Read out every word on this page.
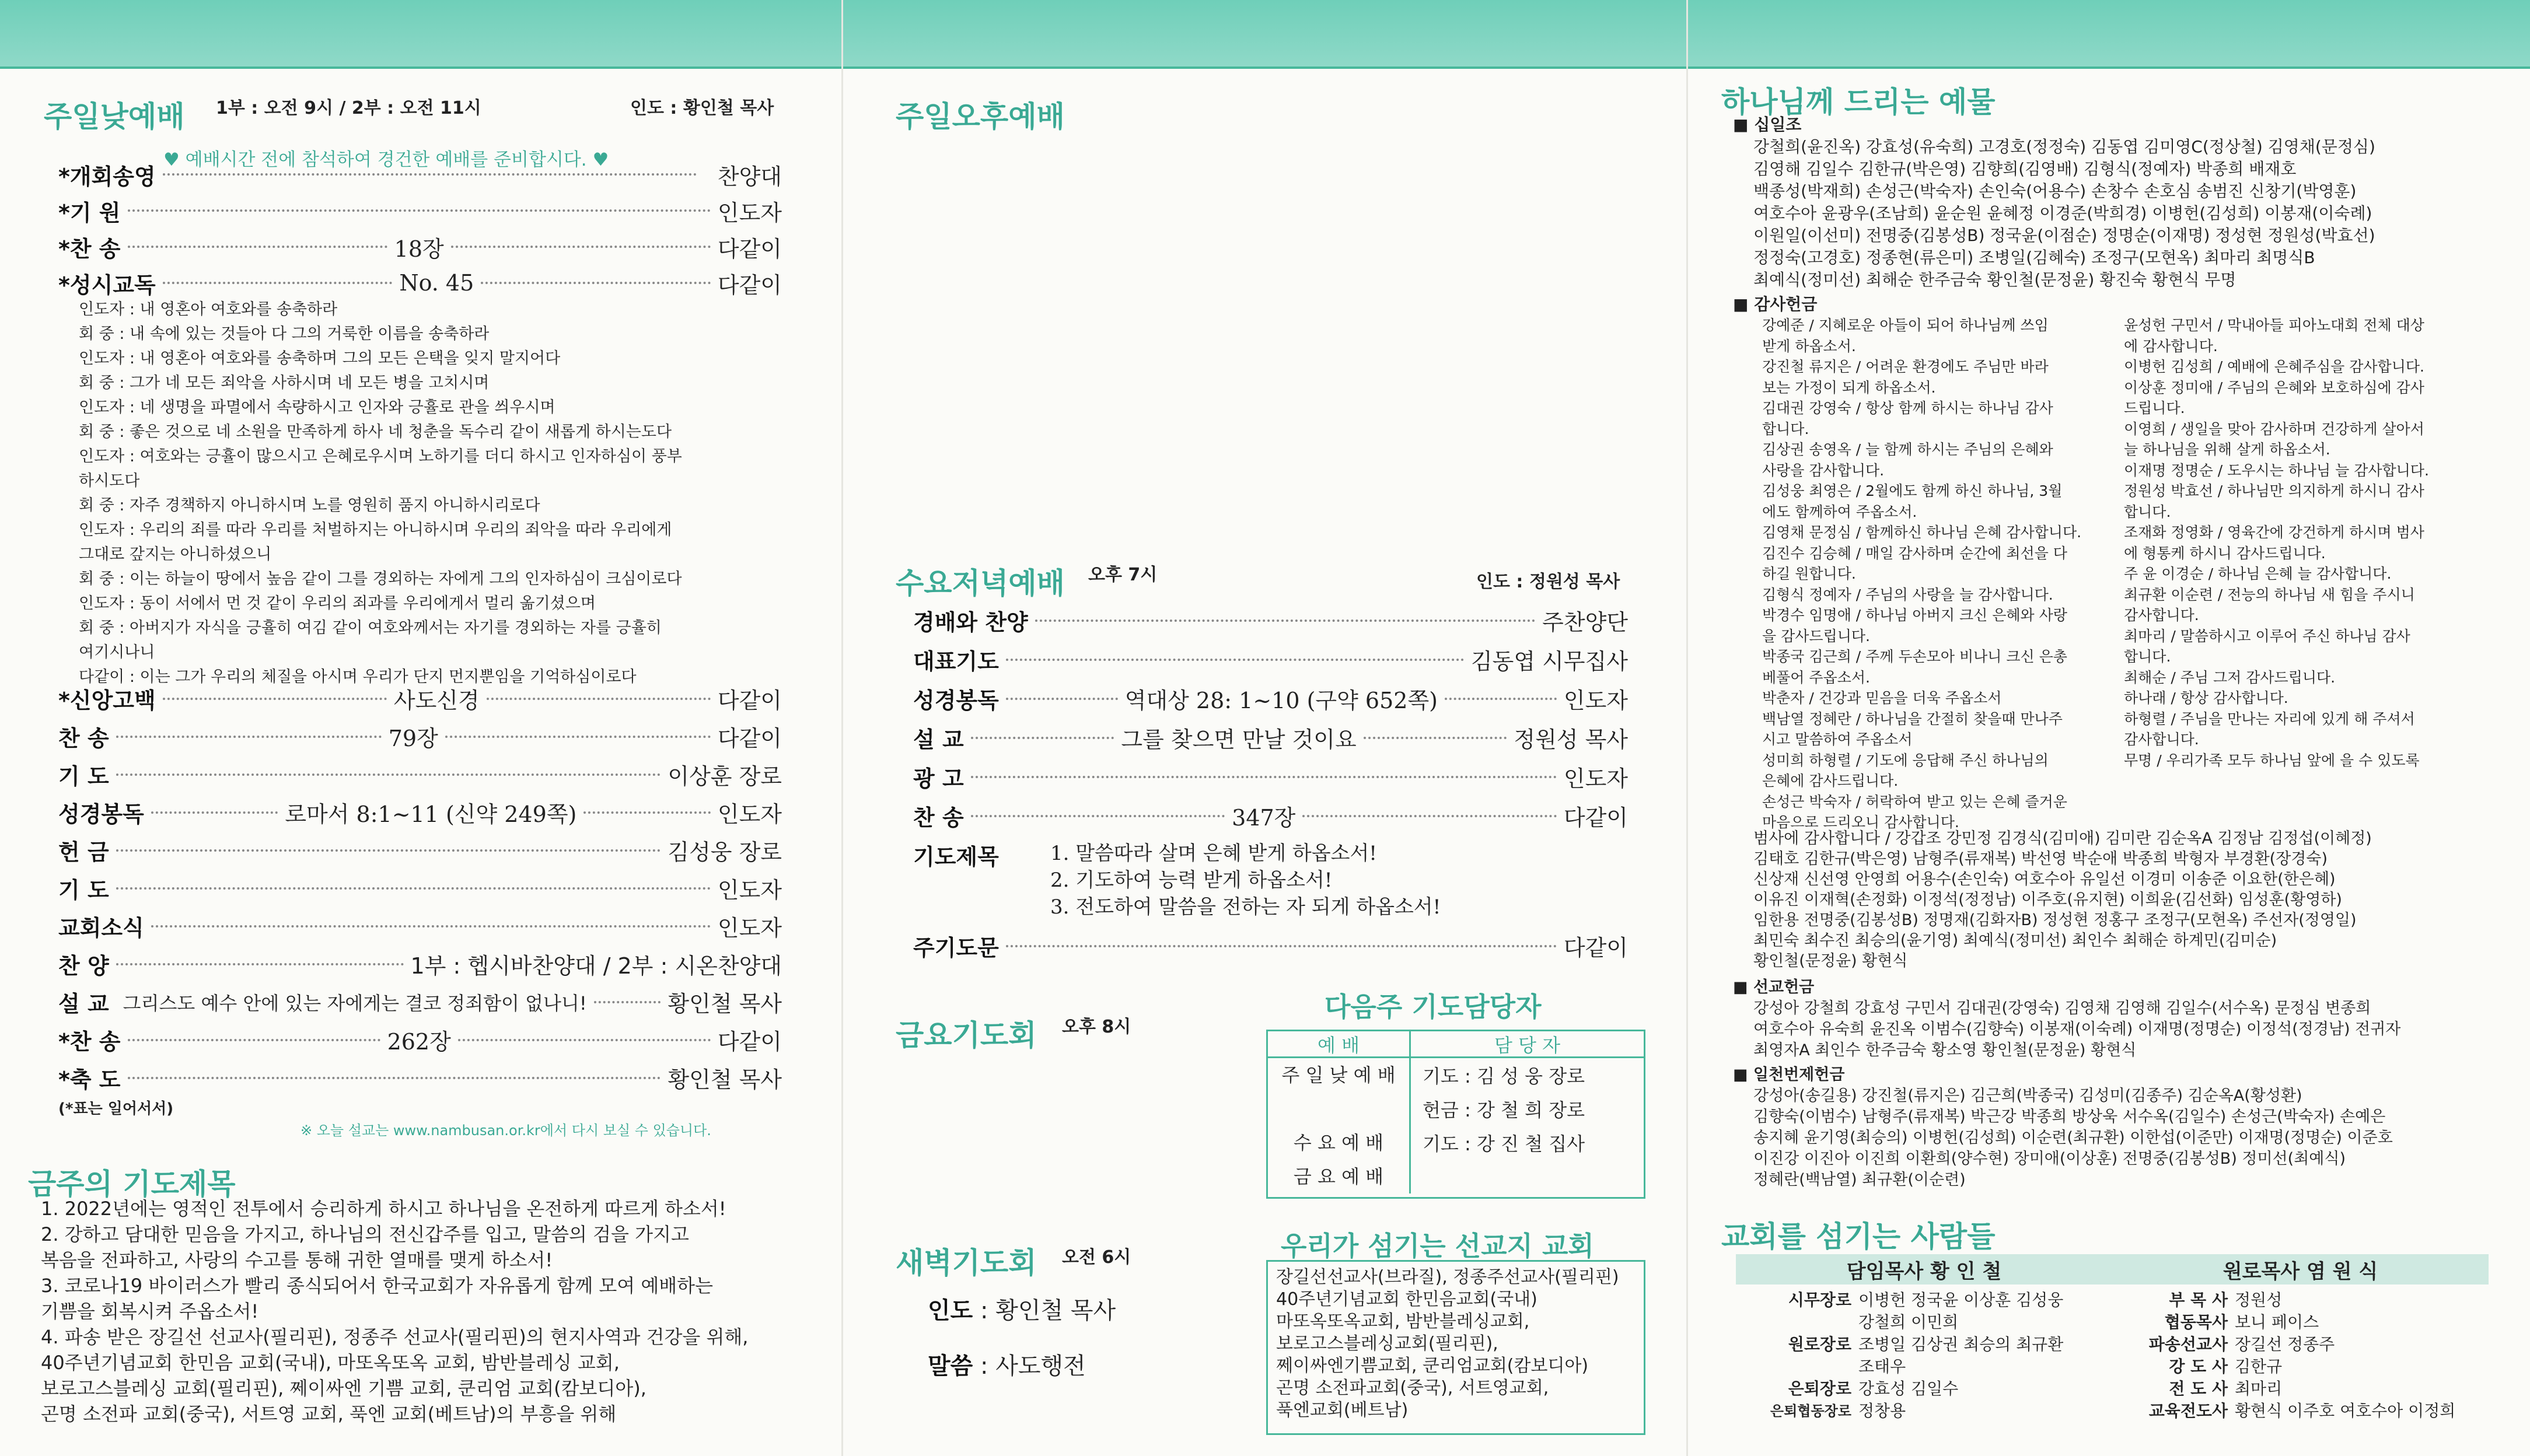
주일낮예배 1부 : 오전 9시 / 2부 : 오전 11시	인도 : 황인철 목사
♥ 예배시간 전에 참석하여 경건한 예배를 준비합시다. ♥
*개회송영	찬양대
*기 원	인도자
*찬 송	18장	다같이
*성시교독	No. 45	다같이
인도자 : 내 영혼아 여호와를 송축하라
회 중 : 내 속에 있는 것들아 다 그의 거룩한 이름을 송축하라
인도자 : 내 영혼아 여호와를 송축하며 그의 모든 은택을 잊지 말지어다
회 중 : 그가 네 모든 죄악을 사하시며 네 모든 병을 고치시며
인도자 : 네 생명을 파멸에서 속량하시고 인자와 긍휼로 관을 씌우시며
회 중 : 좋은 것으로 네 소원을 만족하게 하사 네 청춘을 독수리 같이 새롭게 하시는도다
인도자 : 여호와는 긍휼이 많으시고 은혜로우시며 노하기를 더디 하시고 인자하심이 풍부
하시도다
회 중 : 자주 경책하지 아니하시며 노를 영원히 품지 아니하시리로다
인도자 : 우리의 죄를 따라 우리를 처벌하지는 아니하시며 우리의 죄악을 따라 우리에게
그대로 갚지는 아니하셨으니
회 중 : 이는 하늘이 땅에서 높음 같이 그를 경외하는 자에게 그의 인자하심이 크심이로다
인도자 : 동이 서에서 먼 것 같이 우리의 죄과를 우리에게서 멀리 옮기셨으며
회 중 : 아버지가 자식을 긍휼히 여김 같이 여호와께서는 자기를 경외하는 자를 긍휼히
여기시나니
다같이 : 이는 그가 우리의 체질을 아시며 우리가 단지 먼지뿐임을 기억하심이로다
*신앙고백	사도신경	다같이
찬 송	79장	다같이
기 도	이상훈 장로
성경봉독	로마서 8:1~11 (신약 249쪽)	인도자
헌 금	김성웅 장로
기 도	인도자
교회소식	인도자
찬 양	1부 : 헵시바찬양대 / 2부 : 시온찬양대
설 교 그리스도 예수 안에 있는 자에게는 결코 정죄함이 없나니!	황인철 목사
*찬 송	262장	다같이
*축 도	황인철 목사
(*표는 일어서서)
※ 오늘 설교는 www.nambusan.or.kr에서 다시 보실 수 있습니다.
금주의 기도제목
1. 2022년에는 영적인 전투에서 승리하게 하시고 하나님을 온전하게 따르게 하소서!
2. 강하고 담대한 믿음을 가지고, 하나님의 전신갑주를 입고, 말씀의 검을 가지고
복음을 전파하고, 사랑의 수고를 통해 귀한 열매를 맺게 하소서!
3. 코로나19 바이러스가 빨리 종식되어서 한국교회가 자유롭게 함께 모여 예배하는
기쁨을 회복시켜 주옵소서!
4. 파송 받은 장길선 선교사(필리핀), 정종주 선교사(필리핀)의 현지사역과 건강을 위해,
40주년기념교회 한민음 교회(국내), 마또옥또옥 교회, 밤반블레싱 교회,
보로고스블레싱 교회(필리핀), 쩨이싸엔 기쁨 교회, 쿤리엄 교회(캄보디아),
곤명 소전파 교회(중국), 서트영 교회, 푹엔 교회(베트남)의 부흥을 위해
주일오후예배
수요저녁예배 오후 7시	인도 : 정원성 목사
경배와 찬양	주찬양단
대표기도	김동엽 시무집사
성경봉독	역대상 28: 1~10 (구약 652쪽)	인도자
설 교	그를 찾으면 만날 것이요	정원성 목사
광 고	인도자
찬 송	347장	다같이
기도제목	1. 말씀따라 살며 은혜 받게 하옵소서!
2. 기도하여 능력 받게 하옵소서!
3. 전도하여 말씀을 전하는 자 되게 하옵소서!
주기도문	다같이
금요기도회 오후 8시
새벽기도회 오전 6시
인도 : 황인철 목사
말씀 : 사도행전
다음주 기도담당자
예 배	담 당 자
주 일 낮 예 배	기도 : 김 성 웅 장로
헌금 : 강 철 희 장로
수 요 예 배	기도 : 강 진 철 집사
금 요 예 배
우리가 섬기는 선교지 교회
장길선선교사(브라질), 정종주선교사(필리핀)
40주년기념교회 한민음교회(국내)
마또옥또옥교회, 밤반블레싱교회,
보로고스블레싱교회(필리핀),
쩨이싸엔기쁨교회, 쿤리엄교회(캄보디아)
곤명 소전파교회(중국), 서트영교회,
푹엔교회(베트남)
하나님께 드리는 예물
■ 십일조
강철희(윤진옥) 강효성(유숙희) 고경호(정정숙) 김동엽 김미영C(정상철) 김영채(문정심)
김영해 김일수 김한규(박은영) 김향희(김영배) 김형식(정예자) 박종희 배재호
백종성(박재희) 손성근(박숙자) 손인숙(어용수) 손창수 손호심 송범진 신창기(박영훈)
여호수아 윤광우(조남희) 윤순원 윤혜정 이경준(박희경) 이병헌(김성희) 이봉재(이숙례)
이원일(이선미) 전명중(김봉성B) 정국윤(이점순) 정명순(이재명) 정성현 정원성(박효선)
정정숙(고경호) 정종현(류은미) 조병일(김혜숙) 조정구(모현옥) 최마리 최명식B
최예식(정미선) 최해순 한주금숙 황인철(문정윤) 황진숙 황현식 무명
■ 감사헌금
강예준 / 지혜로운 아들이 되어 하나님께 쓰임
받게 하옵소서.
강진철 류지은 / 어려운 환경에도 주님만 바라
보는 가정이 되게 하옵소서.
김대권 강영숙 / 항상 함께 하시는 하나님 감사
합니다.
김상권 송영옥 / 늘 함께 하시는 주님의 은혜와
사랑을 감사합니다.
김성웅 최영은 / 2월에도 함께 하신 하나님, 3월
에도 함께하여 주옵소서.
김영채 문정심 / 함께하신 하나님 은혜 감사합니다.
김진수 김승혜 / 매일 감사하며 순간에 최선을 다
하길 원합니다.
김형식 정예자 / 주님의 사랑을 늘 감사합니다.
박경수 임명애 / 하나님 아버지 크신 은혜와 사랑
을 감사드립니다.
박종국 김근희 / 주께 두손모아 비나니 크신 은총
베풀어 주옵소서.
박춘자 / 건강과 믿음을 더욱 주옵소서
백남열 정혜란 / 하나님을 간절히 찾을때 만나주
시고 말씀하여 주옵소서
성미희 하형렬 / 기도에 응답해 주신 하나님의
은혜에 감사드립니다.
손성근 박숙자 / 허락하여 받고 있는 은혜 즐거운
마음으로 드리오니 감사합니다.
윤성헌 구민서 / 막내아들 피아노대회 전체 대상
에 감사합니다.
이병헌 김성희 / 예배에 은혜주심을 감사합니다.
이상훈 정미애 / 주님의 은혜와 보호하심에 감사
드립니다.
이영희 / 생일을 맞아 감사하며 건강하게 살아서
늘 하나님을 위해 살게 하옵소서.
이재명 정명순 / 도우시는 하나님 늘 감사합니다.
정원성 박효선 / 하나님만 의지하게 하시니 감사
합니다.
조재화 정영화 / 영육간에 강건하게 하시며 범사
에 형통케 하시니 감사드립니다.
주 윤 이경순 / 하나님 은혜 늘 감사합니다.
최규환 이순련 / 전능의 하나님 새 힘을 주시니
감사합니다.
최마리 / 말씀하시고 이루어 주신 하나님 감사
합니다.
최해순 / 주님 그저 감사드립니다.
하나래 / 항상 감사합니다.
하형렬 / 주님을 만나는 자리에 있게 해 주셔서
감사합니다.
무명 / 우리가족 모두 하나님 앞에 을 수 있도록
범사에 감사합니다 / 강갑조 강민정 김경식(김미애) 김미란 김순옥A 김정남 김정섭(이혜정)
김태호 김한규(박은영) 남형주(류재복) 박선영 박순애 박종희 박형자 부경환(장경숙)
신상재 신선영 안영희 어용수(손인숙) 여호수아 유일선 이경미 이송준 이요한(한은혜)
이유진 이재혁(손정화) 이정석(정정남) 이주호(유지현) 이희윤(김선화) 임성훈(황영하)
임한용 전명중(김봉성B) 정명재(김화자B) 정성현 정홍구 조정구(모현옥) 주선자(정영일)
최민숙 최수진 최승의(윤기영) 최예식(정미선) 최인수 최해순 하계민(김미순)
황인철(문정윤) 황현식
■ 선교헌금
강성아 강철희 강효성 구민서 김대권(강영숙) 김영채 김영해 김일수(서수옥) 문정심 변종희
여호수아 유숙희 윤진옥 이범수(김향숙) 이봉재(이숙례) 이재명(정명순) 이정석(정경남) 전귀자
최영자A 최인수 한주금숙 황소영 황인철(문정윤) 황현식
■ 일천번제헌금
강성아(송길용) 강진철(류지은) 김근희(박종국) 김성미(김종주) 김순옥A(황성환)
김향숙(이범수) 남형주(류재복) 박근강 박종희 방상욱 서수옥(김일수) 손성근(박숙자) 손예은
송지혜 윤기영(최승의) 이병헌(김성희) 이순련(최규환) 이한섭(이준만) 이재명(정명순) 이준호
이진강 이진아 이진희 이환희(양수현) 장미애(이상훈) 전명중(김봉성B) 정미선(최예식)
정혜란(백남열) 최규환(이순련)
교회를 섬기는 사람들
담임목사 황 인 철	원로목사 염 원 식
시무장로 이병헌 정국윤 이상훈 김성웅
강철희 이민희
원로장로 조병일 김상권 최승의 최규환
조태우
은퇴장로 강효성 김일수
은퇴협동장로 정창용
부 목 사 정원성
협동목사 보니 페이스
파송선교사 장길선 정종주
강 도 사 김한규
전 도 사 최마리
교육전도사 황현식 이주호 여호수아 이정희
